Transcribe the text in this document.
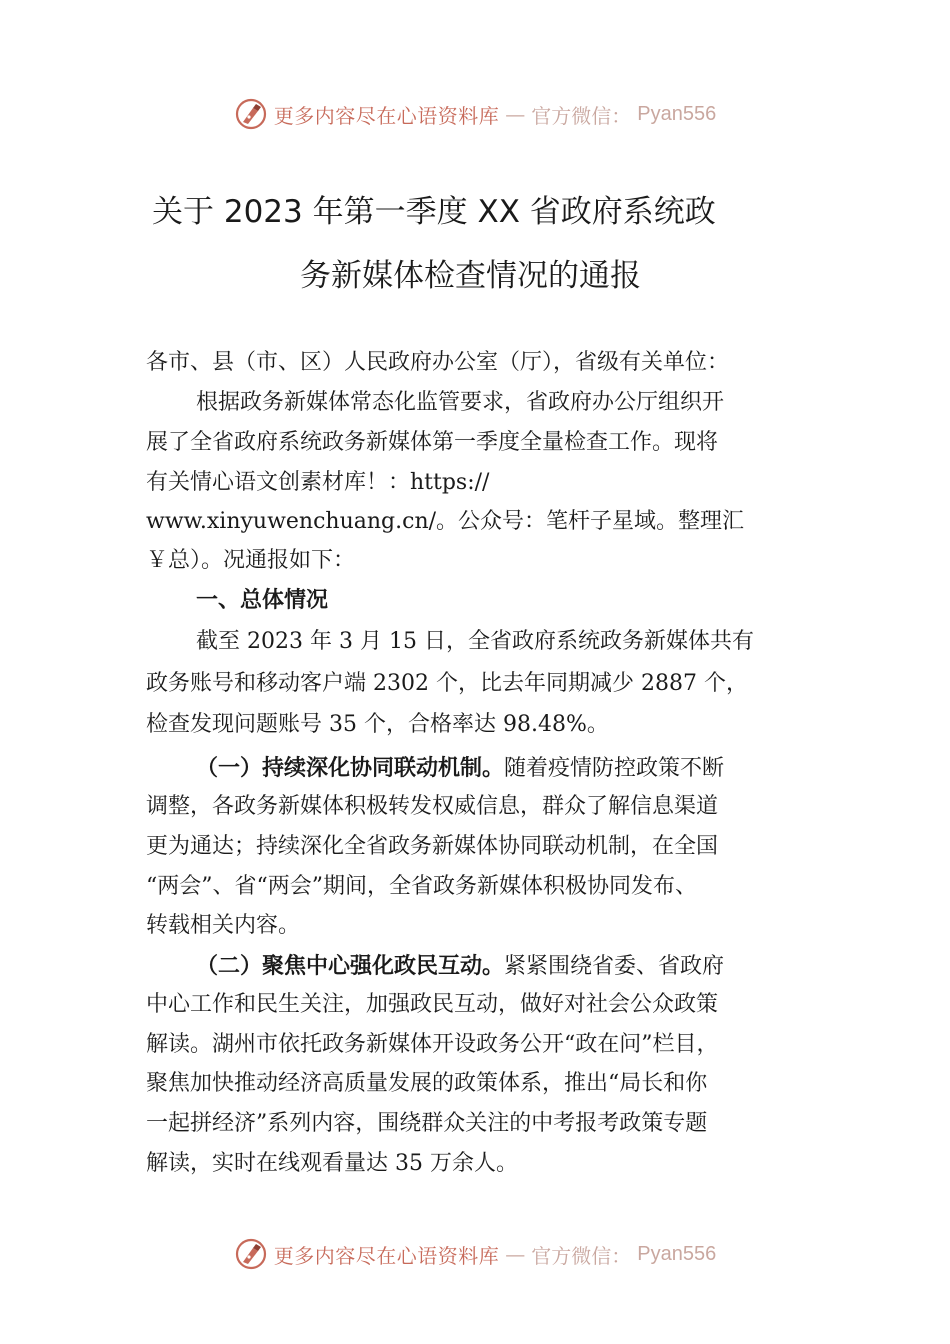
更多内容尽在心语资料库 — 官方微信： Pyan556
关于 2023 年第一季度 XX 省政府系统政
务新媒体检查情况的通报
各市、县（市、区）人民政府办公室（厅），省级有关单位：
根据政务新媒体常态化监管要求，省政府办公厅组织开
展了全省政府系统政务新媒体第一季度全量检查工作。现将
有关情心语文创素材库！：https://
www.xinyuwenchuang.cn/。公众号：笔杆子星域。整理汇
￥总）。况通报如下：
一、总体情况
截至 2023 年 3 月 15 日，全省政府系统政务新媒体共有
政务账号和移动客户端 2302 个，比去年同期减少 2887 个，
检查发现问题账号 35 个，合格率达 98.48%。
（一）持续深化协同联动机制。随着疫情防控政策不断
调整，各政务新媒体积极转发权威信息，群众了解信息渠道
更为通达；持续深化全省政务新媒体协同联动机制，在全国
“两会”、省“两会”期间，全省政务新媒体积极协同发布、
转载相关内容。
（二）聚焦中心强化政民互动。紧紧围绕省委、省政府
中心工作和民生关注，加强政民互动，做好对社会公众政策
解读。湖州市依托政务新媒体开设政务公开“政在问”栏目，
聚焦加快推动经济高质量发展的政策体系，推出“局长和你
一起拼经济”系列内容，围绕群众关注的中考报考政策专题
解读，实时在线观看量达 35 万余人。
更多内容尽在心语资料库 — 官方微信： Pyan556
